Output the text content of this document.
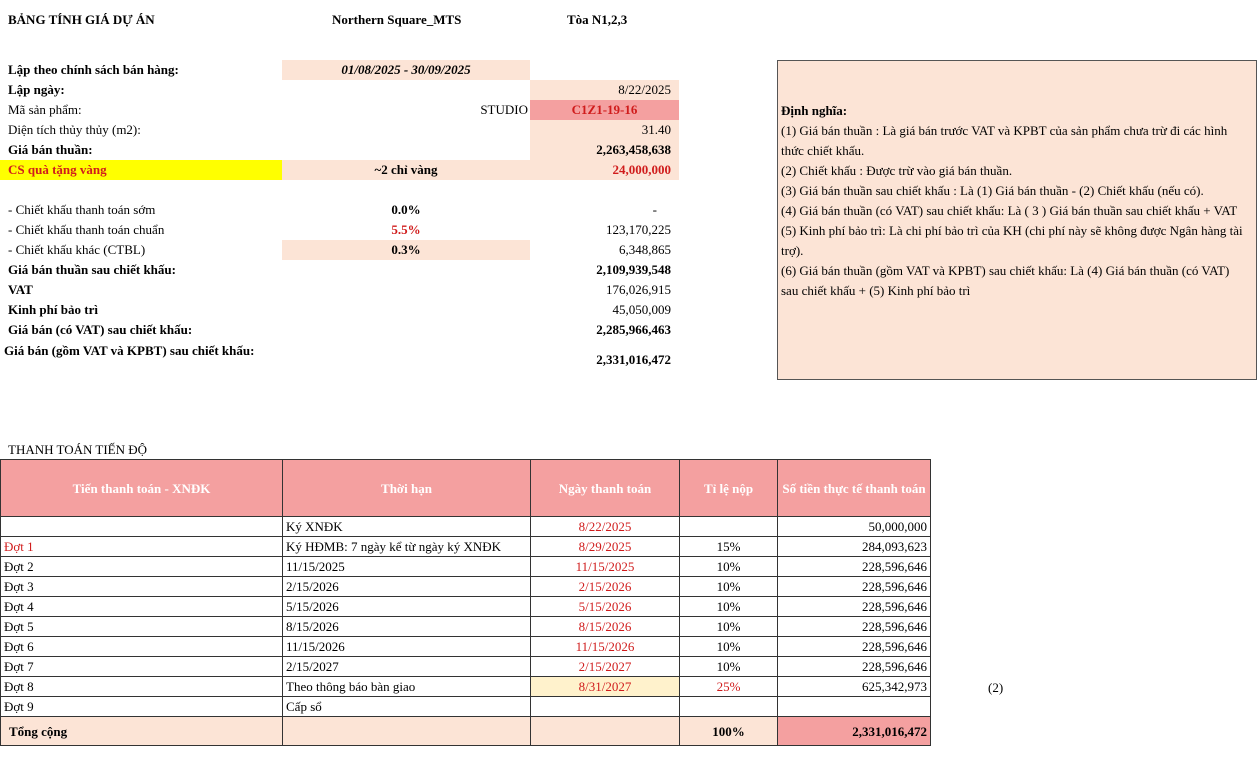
BẢNG TÍNH GIÁ DỰ ÁN	Northern Square_MTS	Tòa N1,2,3
Lập theo chính sách bán hàng:	01/08/2025 - 30/09/2025
Lập ngày:	8/22/2025
Mã sản phẩm:	STUDIO	C1Z1-19-16
Diện tích thủy thủy (m2):	31.40
Giá bán thuần:	2,263,458,638
CS quà tặng vàng	~2 chỉ vàng	24,000,000
- Chiết khấu thanh toán sớm	0.0%	-
- Chiết khấu thanh toán chuẩn	5.5%	123,170,225
- Chiết khấu khác (CTBL)	0.3%	6,348,865
Giá bán thuần sau chiết khấu:	2,109,939,548
VAT	176,026,915
Kinh phí bảo trì	45,050,009
Giá bán (có VAT) sau chiết khấu:	2,285,966,463
Giá bán (gồm VAT và KPBT) sau chiết khấu:
2,331,016,472

Định nghĩa:

(1) Giá bán thuần : Là giá bán trước VAT và KPBT của sản phẩm chưa trừ đi các hình thức chiết khấu.

(2) Chiết khấu : Được trừ vào giá bán thuần.

(3) Giá bán thuần sau chiết khấu : Là (1) Giá bán thuần - (2) Chiết khấu (nếu có).

(4) Giá bán thuần (có VAT) sau chiết khấu: Là ( 3 ) Giá bán thuần sau chiết khấu + VAT

(5) Kinh phí bảo trì: Là chi phí bảo trì của KH (chi phí này sẽ không được Ngân hàng tài trợ).

(6) Giá bán thuần (gồm VAT và KPBT) sau chiết khấu: Là (4) Giá bán thuần (có VAT) sau chiết khấu + (5) Kinh phí bảo trì

THANH TOÁN TIẾN ĐỘ
Tiến thanh toán - XNĐK	Thời hạn	Ngày thanh toán	Tỉ lệ nộp	Số tiền thực tế thanh toán
	Ký XNĐK	8/22/2025		50,000,000
Đợt 1	Ký HĐMB: 7 ngày kể từ ngày ký XNĐK	8/29/2025	15%	284,093,623
Đợt 2	11/15/2025	11/15/2025	10%	228,596,646
Đợt 3	2/15/2026	2/15/2026	10%	228,596,646
Đợt 4	5/15/2026	5/15/2026	10%	228,596,646
Đợt 5	8/15/2026	8/15/2026	10%	228,596,646
Đợt 6	11/15/2026	11/15/2026	10%	228,596,646
Đợt 7	2/15/2027	2/15/2027	10%	228,596,646
Đợt 8	Theo thông báo bàn giao	8/31/2027	25%	625,342,973
Đợt 9	Cấp sổ			
Tổng cộng			100%	2,331,016,472
(2)
